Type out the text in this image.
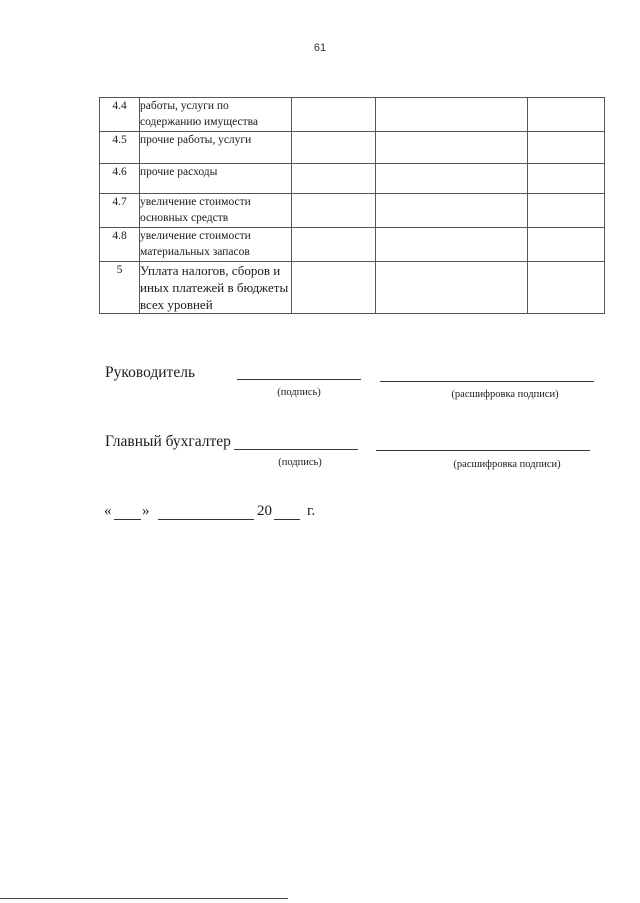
61
4.4	работы, услуги по содержанию имущества			
4.5	прочие работы, услуги			
4.6	прочие расходы			
4.7	увеличение стоимости основных средств			
4.8	увеличение стоимости материальных запасов			
5	Уплата налогов, сборов и иных платежей в бюджеты всех уровней			
Руководитель
(подпись)	(расшифровка подписи)
Главный бухгалтер
(подпись)	(расшифровка подписи)
« »	20 г.
